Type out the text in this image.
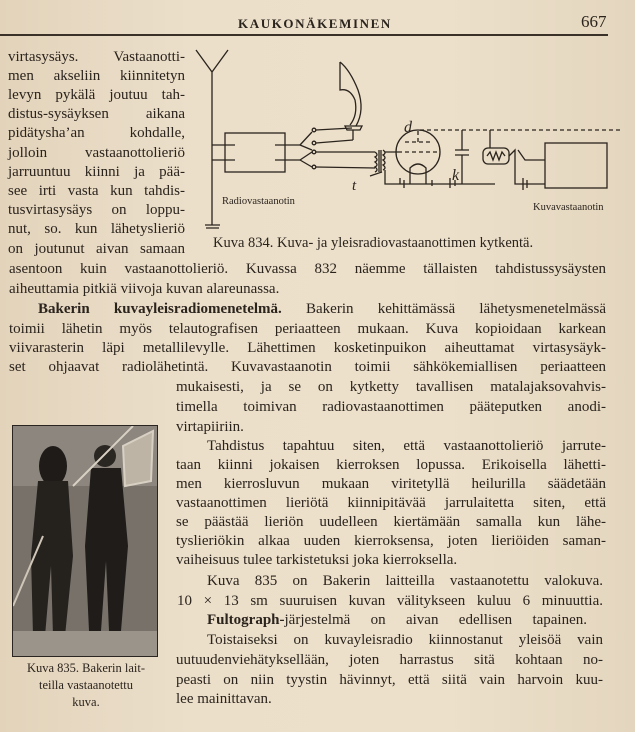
KAUKONÄKEMINEN	667
d
t
k
Radiovastaanotin
Kuvavastaanotin
Kuva 834. Kuva- ja yleisradiovastaanottimen kytkentä.
virtasysäys. Vastaanotti-
men akseliin kiinnitetyn
levyn pykälä joutuu tah-
distus-sysäyksen aikana
pidätysha’an kohdalle,
jolloin vastaanottolieriö
jarruuntuu kiinni ja pää-
see irti vasta kun tahdis-
tusvirtasysäys on loppu-
nut, so. kun lähetyslieriö
on joutunut aivan samaan
asentoon kuin vastaanottolieriö. Kuvassa 832 näemme tällaisten tahdistussysäysten
aiheuttamia pitkiä viivoja kuvan alareunassa.
Bakerin kuvayleisradiomenetelmä. Bakerin kehittämässä lähetysmenetelmässä
toimii lähetin myös telautografisen periaatteen mukaan. Kuva kopioidaan karkean
viivarasterin läpi metallilevylle. Lähettimen kosketinpuikon aiheuttamat virtasysäyk-
set ohjaavat radiolähetintä. Kuvavastaanotin toimii sähkökemiallisen periaatteen
mukaisesti, ja se on kytketty tavallisen matalajaksovahvis-
timella toimivan radiovastaanottimen pääteputken anodi-
virtapiiriin.
Tahdistus tapahtuu siten, että vastaanottolieriö jarrute-
taan kiinni jokaisen kierroksen lopussa. Erikoisella lähetti-
men kierrosluvun mukaan viritetyllä heilurilla säädetään
vastaanottimen lieriötä kiinnipitävää jarrulaitetta siten, että
se päästää lieriön uudelleen kiertämään samalla kun lähe-
tyslieriökin alkaa uuden kierroksensa, joten lieriöiden saman-
vaiheisuus tulee tarkistetuksi joka kierroksella.
Kuva 835 on Bakerin laitteilla vastaanotettu valokuva.
10 × 13 sm suuruisen kuvan välitykseen kuluu 6 minuuttia.
Fultograph-järjestelmä on aivan edellisen tapainen.
Toistaiseksi on kuvayleisradio kiinnostanut yleisöä vain
uutuudenviehätyksellään, joten harrastus sitä kohtaan no-
peasti on niin tyystin hävinnyt, että siitä vain harvoin kuu-
lee mainittavan.
Kuva 835. Bakerin lait-
teilla vastaanotettu
kuva.
